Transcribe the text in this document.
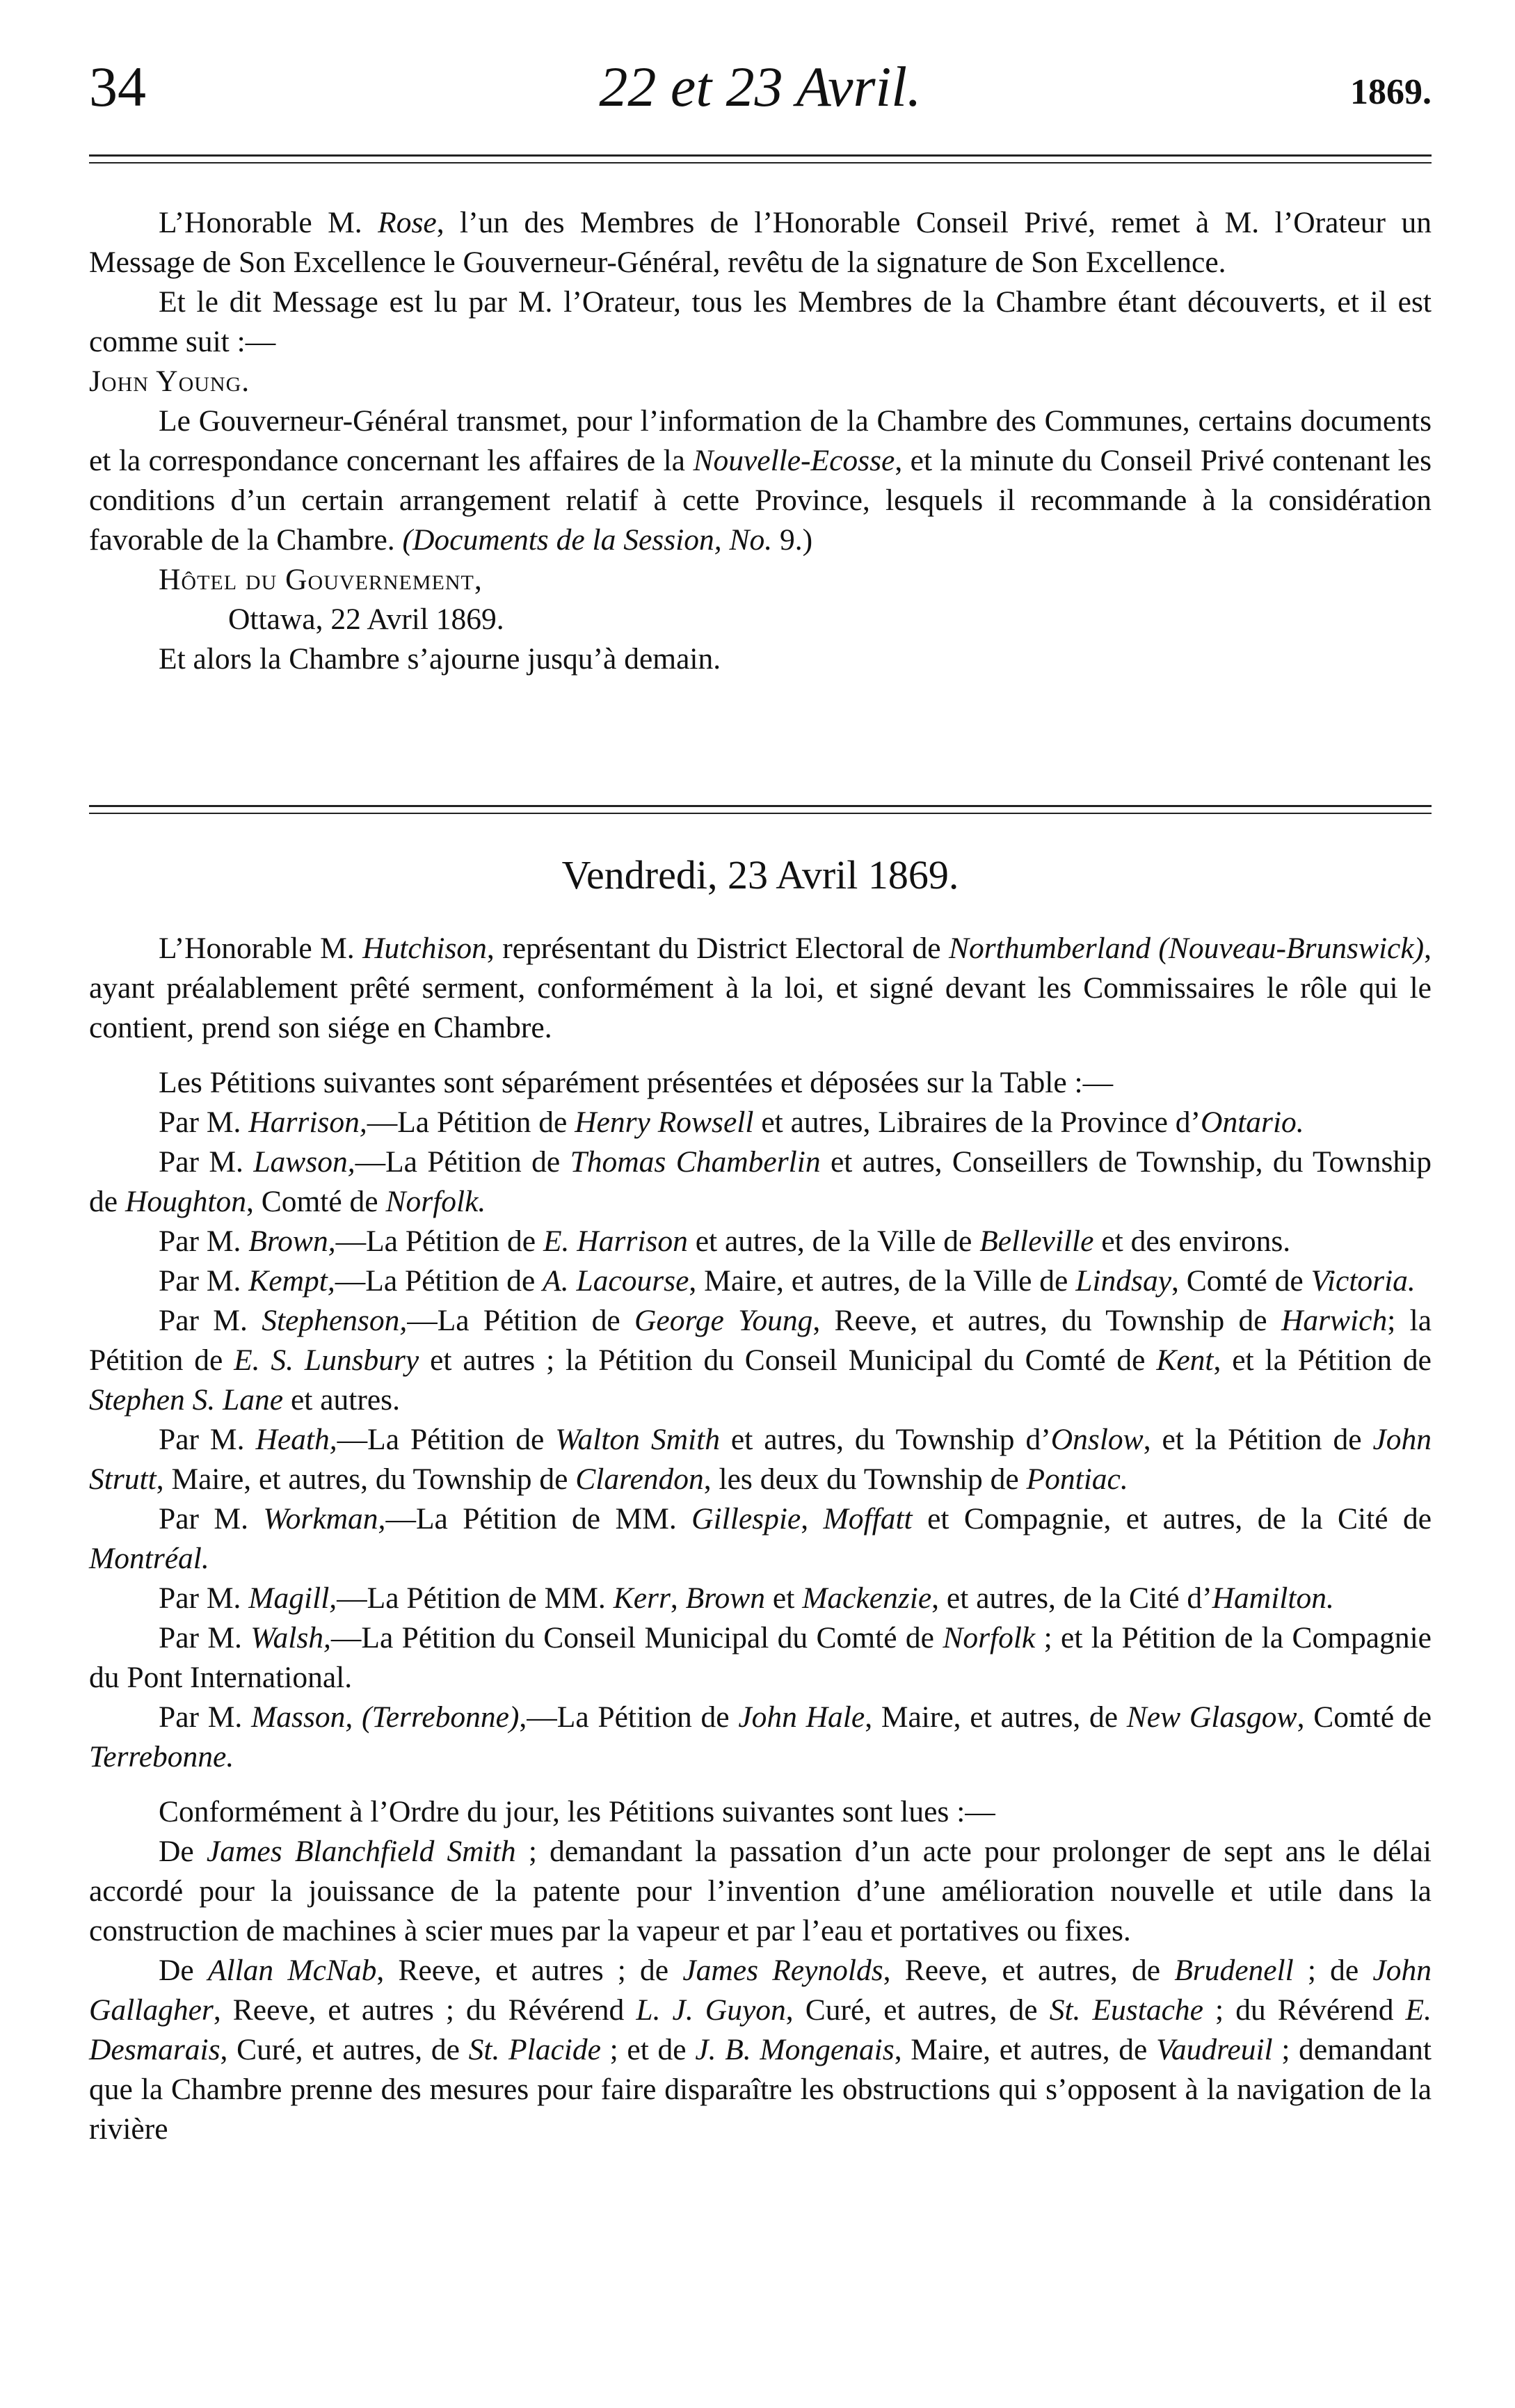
34	22 et 23 Avril.	1869.

L’Honorable M. Rose, l’un des Membres de l’Honorable Conseil Privé, remet à M. l’Orateur un Message de Son Excellence le Gouverneur-Général, revêtu de la signature de Son Excellence.

Et le dit Message est lu par M. l’Orateur, tous les Membres de la Chambre étant découverts, et il est comme suit :—

John Young.

Le Gouverneur-Général transmet, pour l’information de la Chambre des Communes, certains documents et la correspondance concernant les affaires de la Nouvelle-Ecosse, et la minute du Conseil Privé contenant les conditions d’un certain arrangement relatif à cette Province, lesquels il recommande à la considération favorable de la Chambre. (Documents de la Session, No. 9.)

Hôtel du Gouvernement,

Ottawa, 22 Avril 1869.

Et alors la Chambre s’ajourne jusqu’à demain.

Vendredi, 23 Avril 1869.

L’Honorable M. Hutchison, représentant du District Electoral de Northumberland (Nouveau-Brunswick), ayant préalablement prêté serment, conformément à la loi, et signé devant les Commissaires le rôle qui le contient, prend son siége en Chambre.

Les Pétitions suivantes sont séparément présentées et déposées sur la Table :—

Par M. Harrison,—La Pétition de Henry Rowsell et autres, Libraires de la Province d’Ontario.

Par M. Lawson,—La Pétition de Thomas Chamberlin et autres, Conseillers de Township, du Township de Houghton, Comté de Norfolk.

Par M. Brown,—La Pétition de E. Harrison et autres, de la Ville de Belleville et des environs.

Par M. Kempt,—La Pétition de A. Lacourse, Maire, et autres, de la Ville de Lindsay, Comté de Victoria.

Par M. Stephenson,—La Pétition de George Young, Reeve, et autres, du Township de Harwich; la Pétition de E. S. Lunsbury et autres ; la Pétition du Conseil Municipal du Comté de Kent, et la Pétition de Stephen S. Lane et autres.

Par M. Heath,—La Pétition de Walton Smith et autres, du Township d’Onslow, et la Pétition de John Strutt, Maire, et autres, du Township de Clarendon, les deux du Township de Pontiac.

Par M. Workman,—La Pétition de MM. Gillespie, Moffatt et Compagnie, et autres, de la Cité de Montréal.

Par M. Magill,—La Pétition de MM. Kerr, Brown et Mackenzie, et autres, de la Cité d’Hamilton.

Par M. Walsh,—La Pétition du Conseil Municipal du Comté de Norfolk ; et la Pétition de la Compagnie du Pont International.

Par M. Masson, (Terrebonne),—La Pétition de John Hale, Maire, et autres, de New Glasgow, Comté de Terrebonne.

Conformément à l’Ordre du jour, les Pétitions suivantes sont lues :—

De James Blanchfield Smith ; demandant la passation d’un acte pour prolonger de sept ans le délai accordé pour la jouissance de la patente pour l’invention d’une amélioration nouvelle et utile dans la construction de machines à scier mues par la vapeur et par l’eau et portatives ou fixes.

De Allan McNab, Reeve, et autres ; de James Reynolds, Reeve, et autres, de Brudenell ; de John Gallagher, Reeve, et autres ; du Révérend L. J. Guyon, Curé, et autres, de St. Eustache ; du Révérend E. Desmarais, Curé, et autres, de St. Placide ; et de J. B. Mongenais, Maire, et autres, de Vaudreuil ; demandant que la Chambre prenne des mesures pour faire disparaître les obstructions qui s’opposent à la navigation de la rivière
